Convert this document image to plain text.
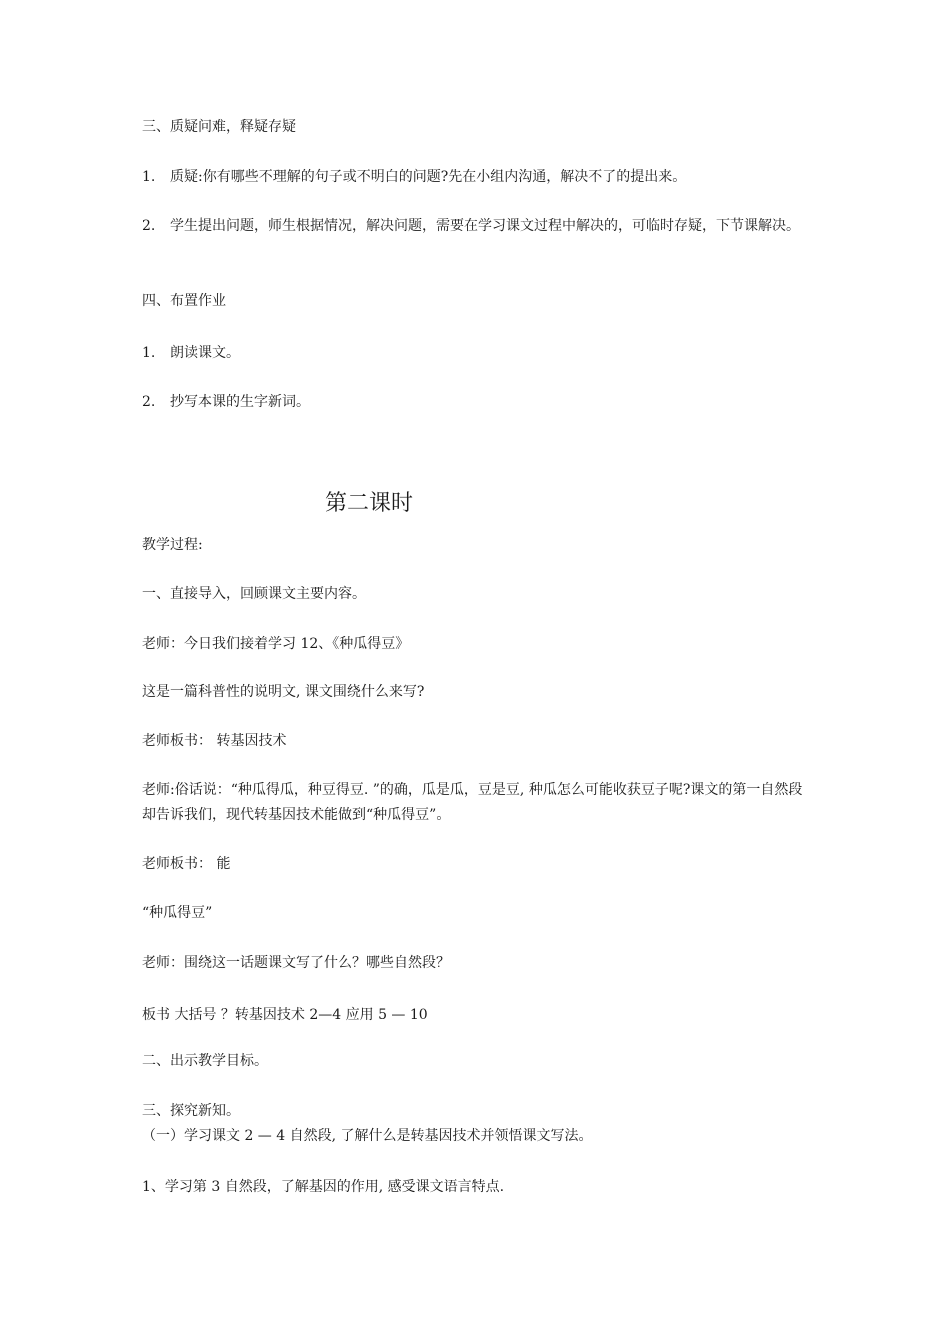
三、质疑问难，释疑存疑
1. 质疑:你有哪些不理解的句子或不明白的问题?先在小组内沟通，解决不了的提出来。
2. 学生提出问题，师生根据情况，解决问题，需要在学习课文过程中解决的，可临时存疑，下节课解决。
四、布置作业
1. 朗读课文。
2. 抄写本课的生字新词。
第二课时
教学过程:
一、直接导入，回顾课文主要内容。
老师：今日我们接着学习 12、《种瓜得豆》
这是一篇科普性的说明文, 课文围绕什么来写?
老师板书： 转基因技术
老师:俗话说：“种瓜得瓜，种豆得豆. ”的确，瓜是瓜，豆是豆, 种瓜怎么可能收获豆子呢?课文的第一自然段却告诉我们，现代转基因技术能做到“种瓜得豆”。
老师板书： 能
“种瓜得豆”
老师：围绕这一话题课文写了什么？哪些自然段？
板书 大括号 ？转基因技术 2—4 应用 5 — 10
二、出示教学目标。
三、探究新知。
（一）学习课文 2 — 4 自然段, 了解什么是转基因技术并领悟课文写法。
1、学习第 3 自然段，了解基因的作用, 感受课文语言特点.
